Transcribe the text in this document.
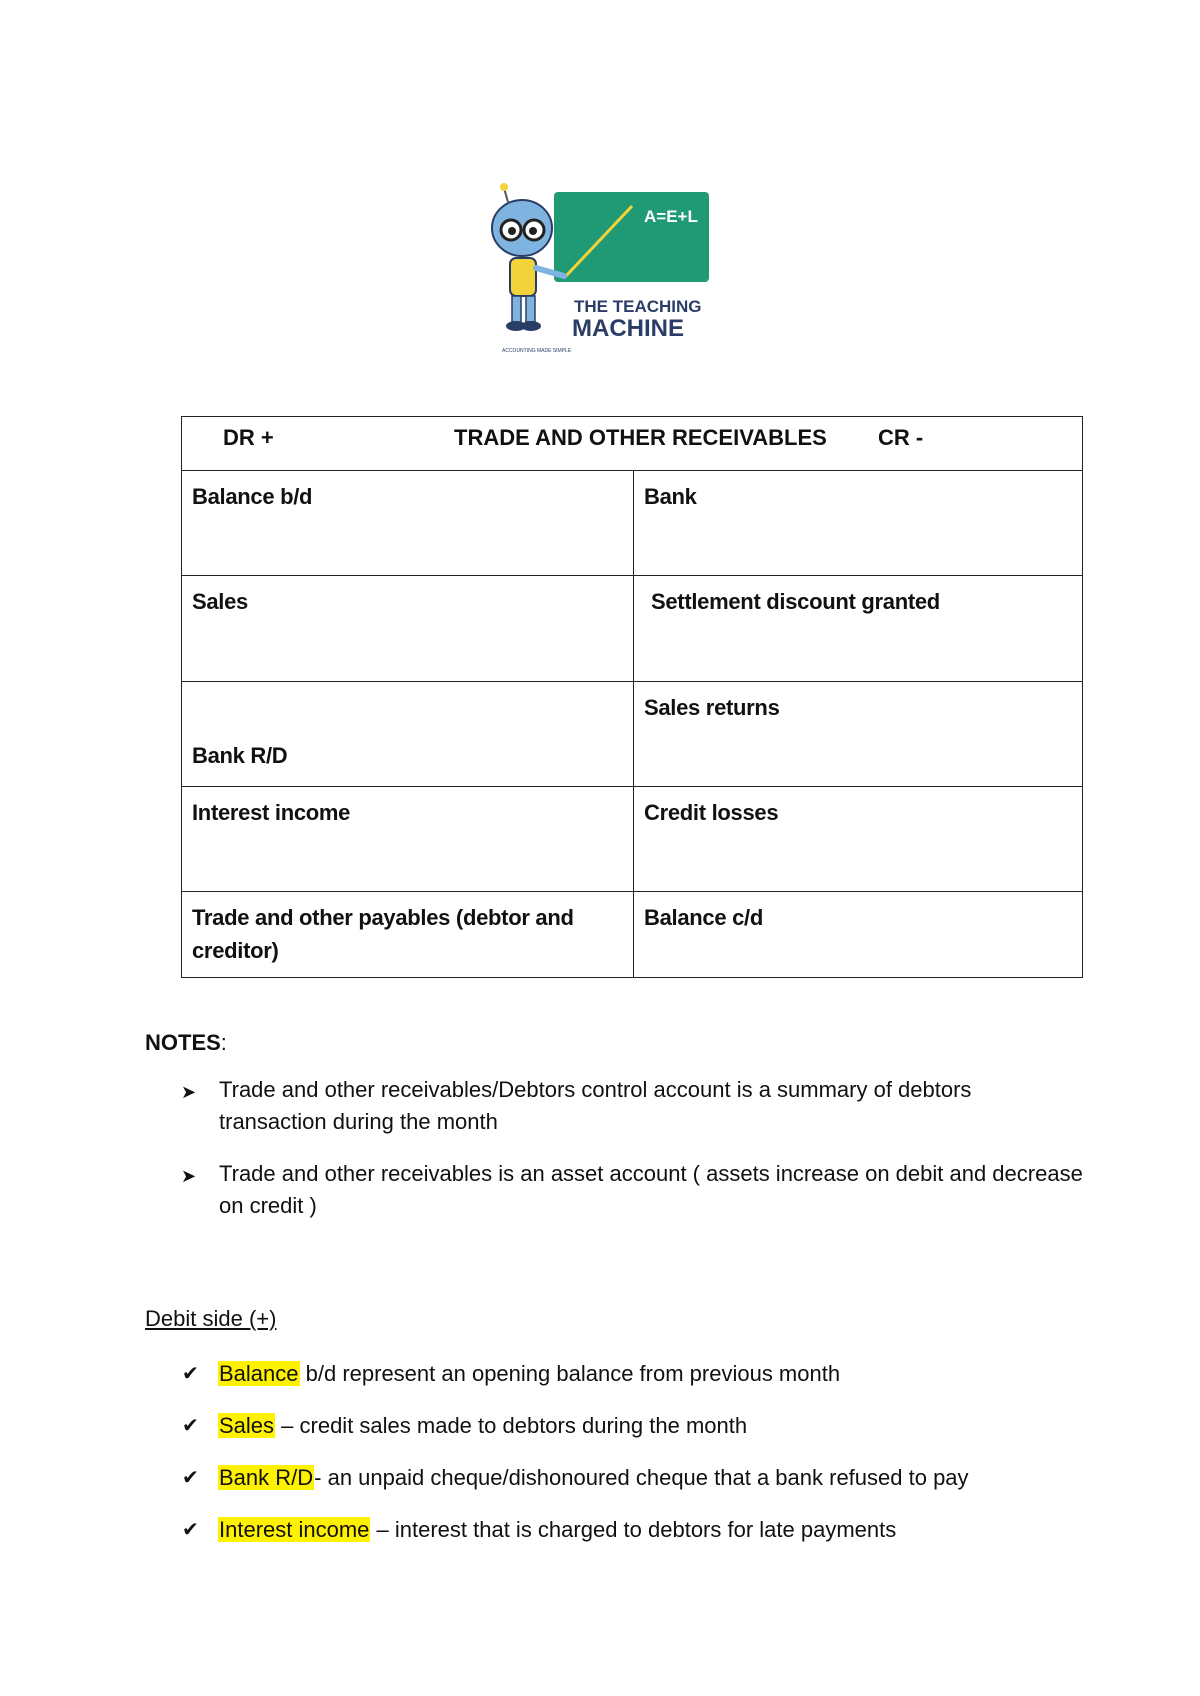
A=E+L
THE TEACHING
MACHINE
ACCOUNTING MADE SIMPLE
DR + TRADE AND OTHER RECEIVABLES CR -	

Balance b/d	Bank

Sales	Settlement discount granted

Bank R/D	Sales returns

Interest income	Credit losses

Trade and other payables (debtor and creditor)	Balance c/d
NOTES:
➤	Trade and other receivables/Debtors control account is a summary of debtors transaction during the month
➤	Trade and other receivables is an asset account ( assets increase on debit and decrease on credit )
Debit side (+)
✔ Balance b/d represent an opening balance from previous month
✔ Sales – credit sales made to debtors during the month
✔ Bank R/D- an unpaid cheque/dishonoured cheque that a bank refused to pay
✔ Interest income – interest that is charged to debtors for late payments
